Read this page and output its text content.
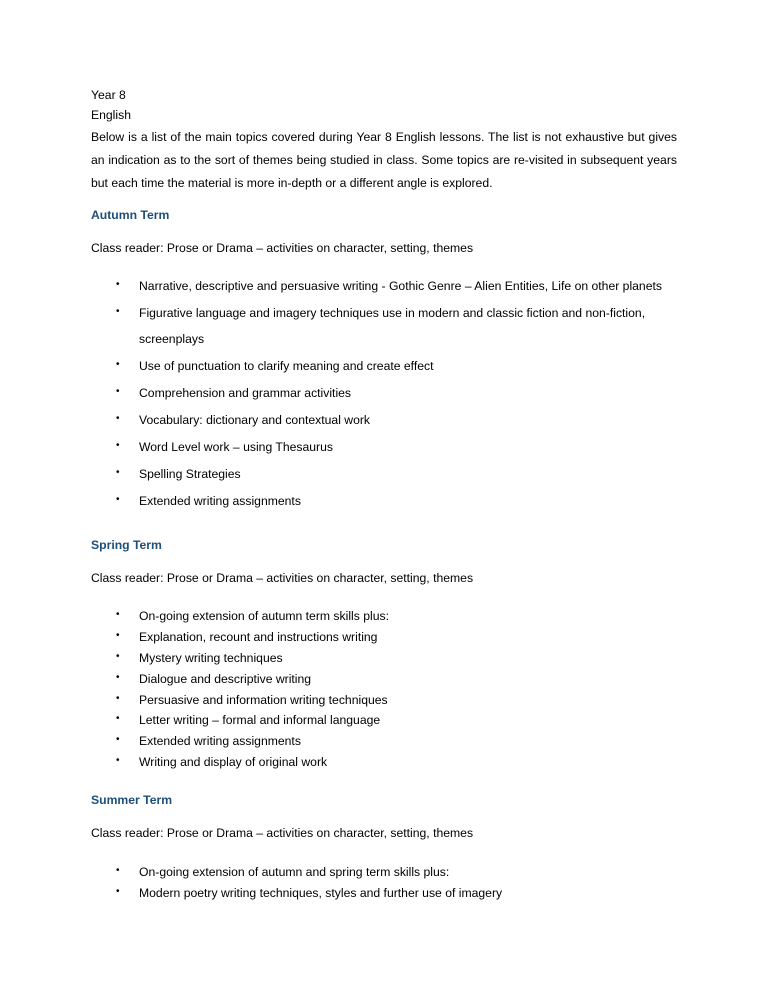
Year 8
English
Below is a list of the main topics covered during Year 8 English lessons. The list is not exhaustive but gives an indication as to the sort of themes being studied in class. Some topics are re-visited in subsequent years but each time the material is more in-depth or a different angle is explored.
Autumn Term
Class reader: Prose or Drama – activities on character, setting, themes
• Narrative, descriptive and persuasive writing - Gothic Genre – Alien Entities, Life on other planets
• Figurative language and imagery techniques use in modern and classic fiction and non-fiction,
screenplays
• Use of punctuation to clarify meaning and create effect
• Comprehension and grammar activities
• Vocabulary: dictionary and contextual work
• Word Level work – using Thesaurus
• Spelling Strategies
• Extended writing assignments
Spring Term
Class reader: Prose or Drama – activities on character, setting, themes
• On-going extension of autumn term skills plus:
• Explanation, recount and instructions writing
• Mystery writing techniques
• Dialogue and descriptive writing
• Persuasive and information writing techniques
• Letter writing – formal and informal language
• Extended writing assignments
• Writing and display of original work
Summer Term
Class reader: Prose or Drama – activities on character, setting, themes
• On-going extension of autumn and spring term skills plus:
• Modern poetry writing techniques, styles and further use of imagery
